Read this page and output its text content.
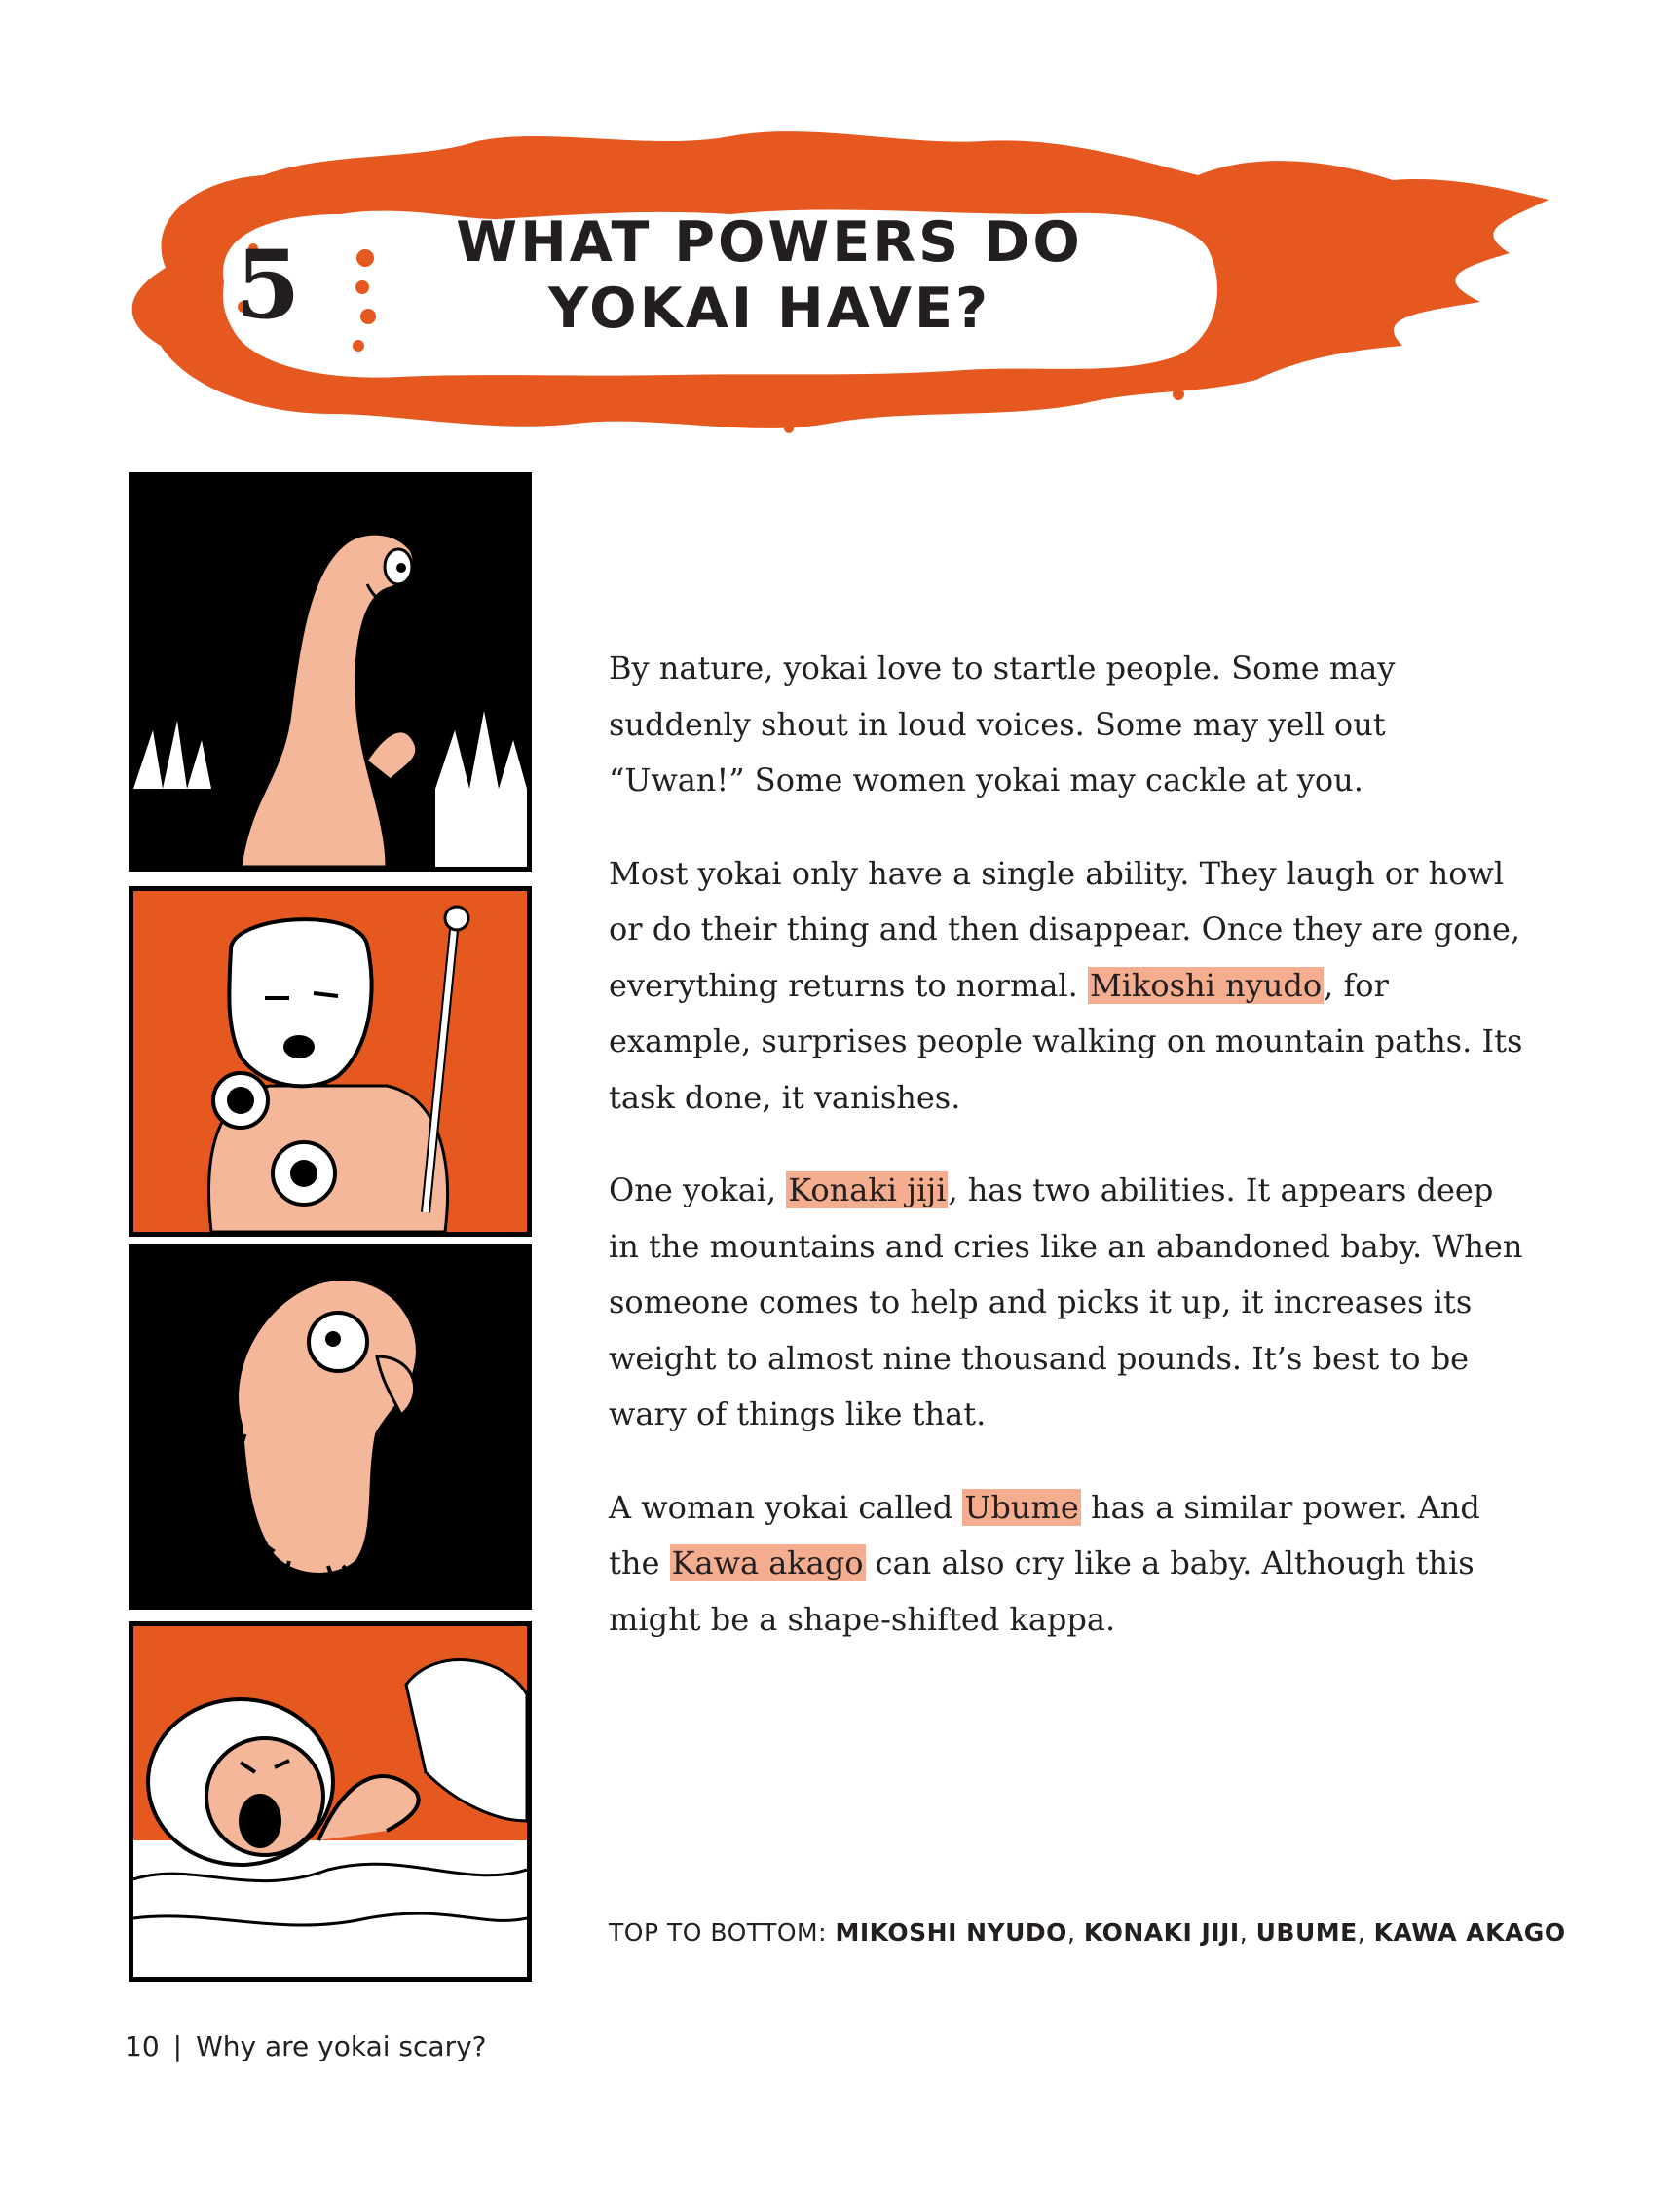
5	WHAT POWERS DO
YOKAI HAVE?

By nature, yokai love to startle people. Some may suddenly shout in loud voices. Some may yell out “Uwan!” Some women yokai may cackle at you.

Most yokai only have a single ability. They laugh or howl or do their thing and then disappear. Once they are gone, everything returns to normal. Mikoshi nyudo, for example, surprises people walking on mountain paths. Its task done, it vanishes.

One yokai, Konaki jiji, has two abilities. It appears deep in the mountains and cries like an abandoned baby. When someone comes to help and picks it up, it increases its weight to almost nine thousand pounds. It’s best to be wary of things like that.

A woman yokai called Ubume has a similar power. And the Kawa akago can also cry like a baby. Although this might be a shape-shifted kappa.

TOP TO BOTTOM: MIKOSHI NYUDO, KONAKI JIJI, UBUME, KAWA AKAGO
10 | Why are yokai scary?
